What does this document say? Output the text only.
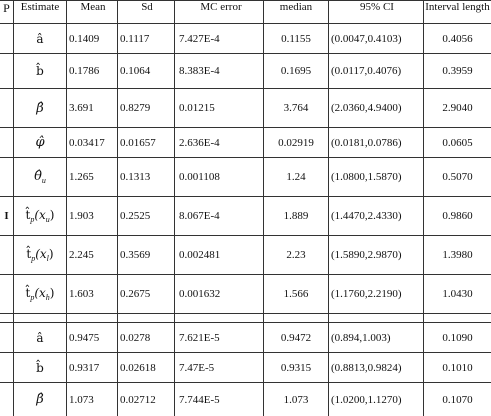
P	Estimate	Mean	Sd	MC error	median	95% CI	Interval length
	â	0.1409	0.1117	7.427E-4	0.1155	(0.0047,0.4103)	0.4056
	b̂	0.1786	0.1064	8.383E-4	0.1695	(0.0117,0.4076)	0.3959
	β̂	3.691	0.8279	0.01215	3.764	(2.0360,4.9400)	2.9040
	φ̂	0.03417	0.01657	2.636E-4	0.02919	(0.0181,0.0786)	0.0605
	$\thetâ_u$	1.265	0.1313	0.001108	1.24	(1.0800,1.5870)	0.5070
I	$t̂_p(x_u)$	1.903	0.2525	8.067E-4	1.889	(1.4470,2.4330)	0.9860
	$t̂_p(x_l)$	2.245	0.3569	0.002481	2.23	(1.5890,2.9870)	1.3980
	$t̂_p(x_h)$	1.603	0.2675	0.001632	1.566	(1.1760,2.2190)	1.0430

	â	0.9475	0.0278	7.621E-5	0.9472	(0.894,1.003)	0.1090
	b̂	0.9317	0.02618	7.47E-5	0.9315	(0.8813,0.9824)	0.1010
	β̂	1.073	0.02712	7.744E-5	1.073	(1.0200,1.1270)	0.1070
